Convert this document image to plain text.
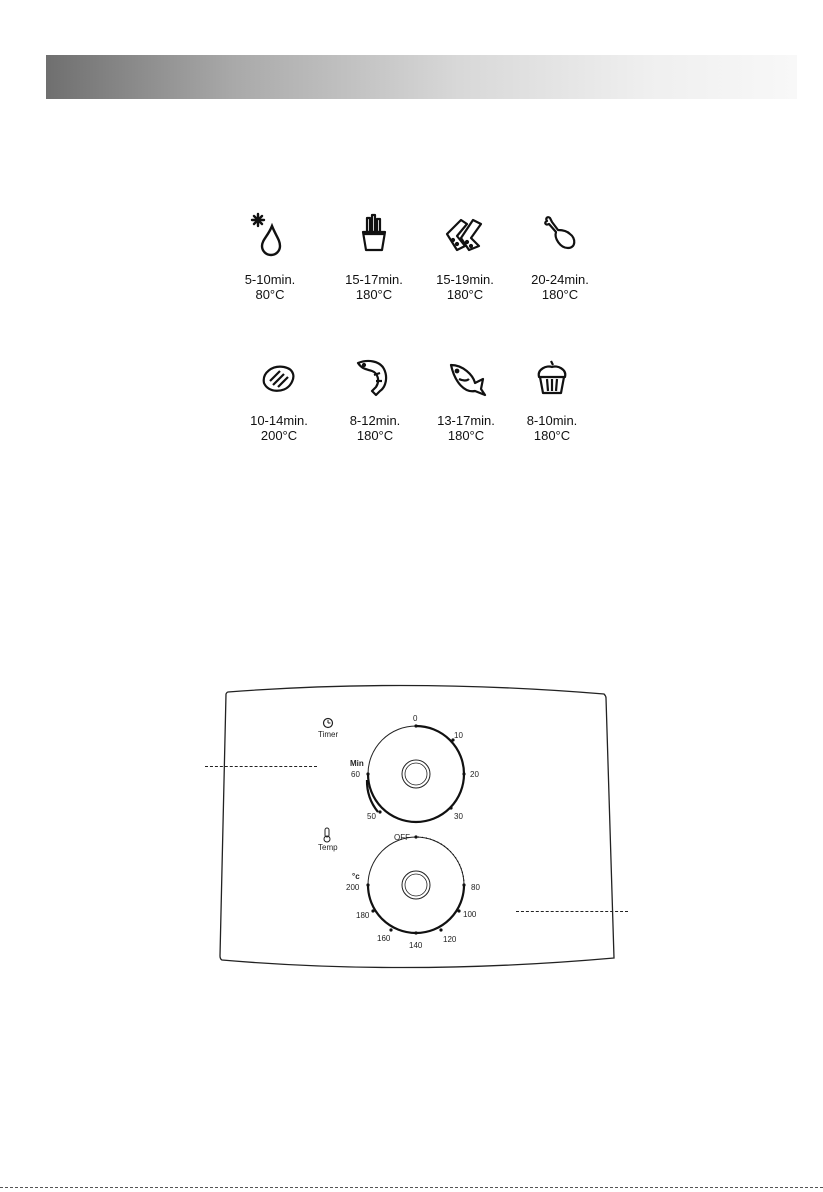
5-10min.
80°C
15-17min.
180°C
15-19min.
180°C
20-24min.
180°C
10-14min.
200°C
8-12min.
180°C
13-17min.
180°C
8-10min.
180°C
Timer
0
10
20
30
50
60
Min
Temp
OFF
80
100
120
140
160
180
200
°c
